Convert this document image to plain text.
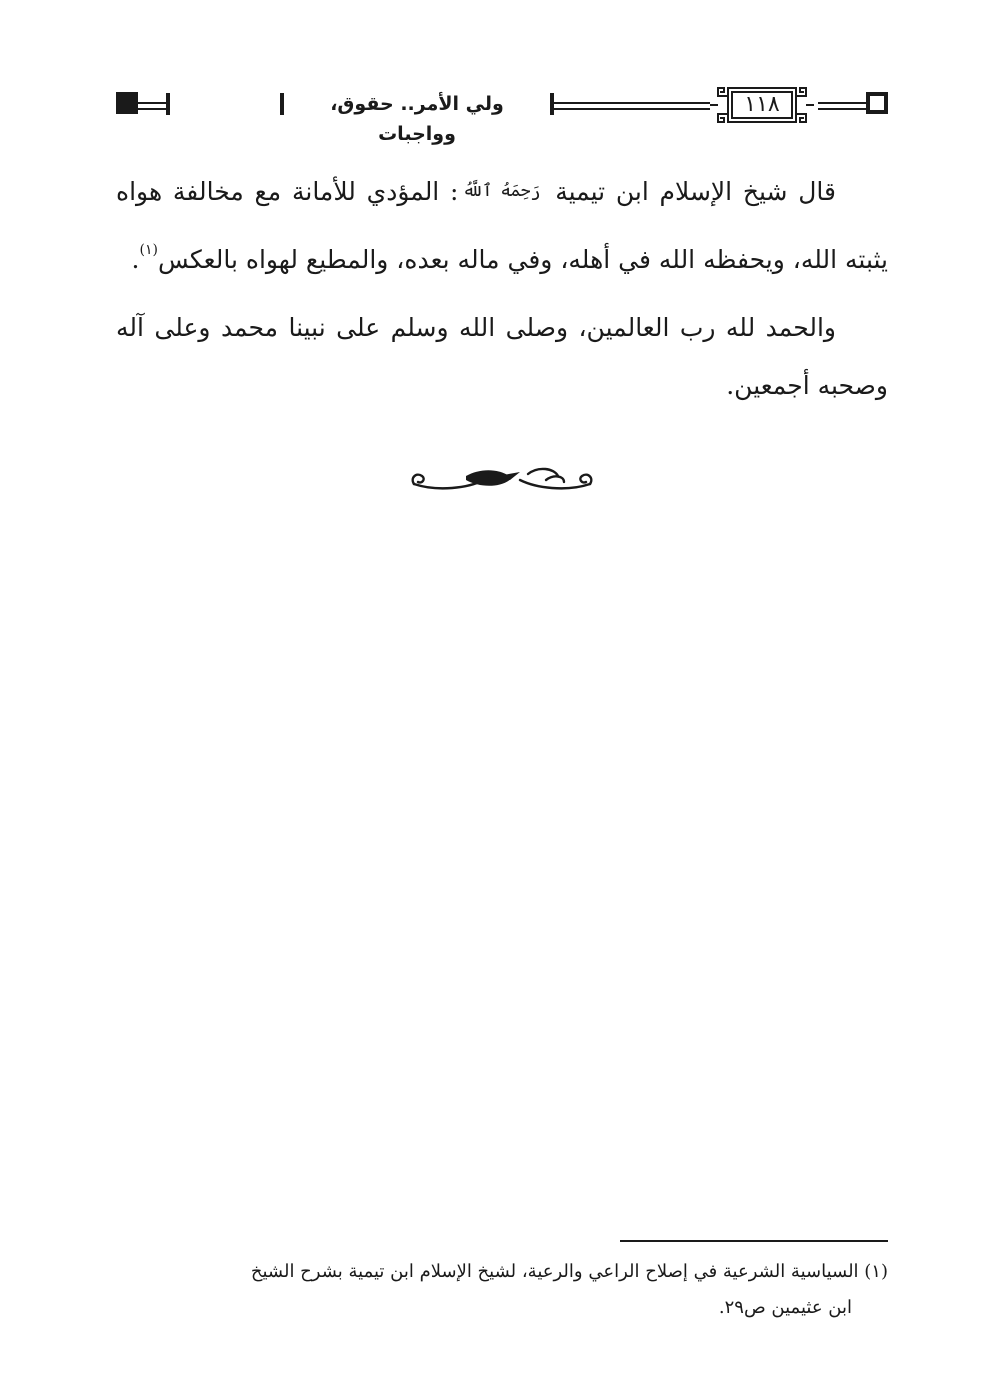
ولي الأمر.. حقوق، وواجبات
١١٨

قال شيخ الإسلام ابن تيمية رَحِمَهُ ٱللَّهُ: المؤدي للأمانة مع مخالفة هواه يثبته الله، ويحفظه الله في أهله، وفي ماله بعده، والمطيع لهواه بالعكس$^{(١)}$.

والحمد لله رب العالمين، وصلى الله وسلم على نبينا محمد وعلى آله وصحبه أجمعين.

(١) السياسية الشرعية في إصلاح الراعي والرعية، لشيخ الإسلام ابن تيمية بشرح الشيخ
ابن عثيمين ص٢٩.
